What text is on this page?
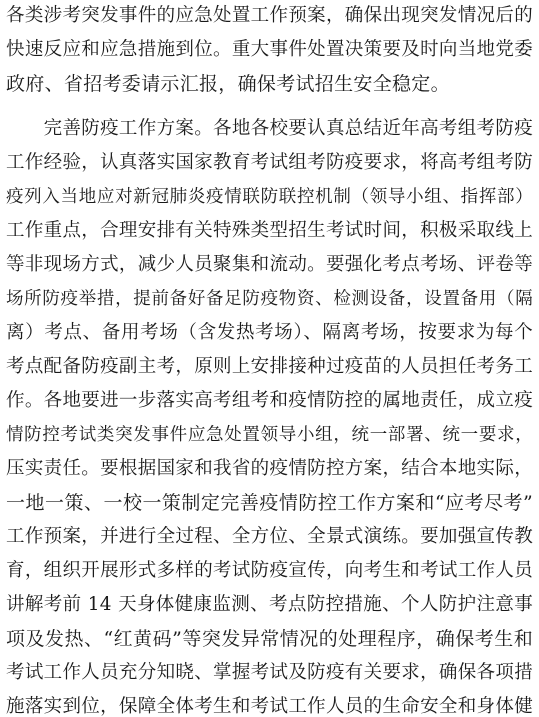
各类涉考突发事件的应急处置工作预案，确保出现突发情况后的
快速反应和应急措施到位。重大事件处置决策要及时向当地党委
政府、省招考委请示汇报，确保考试招生安全稳定。
　　完善防疫工作方案。各地各校要认真总结近年高考组考防疫
工作经验，认真落实国家教育考试组考防疫要求，将高考组考防
疫列入当地应对新冠肺炎疫情联防联控机制（领导小组、指挥部）
工作重点，合理安排有关特殊类型招生考试时间，积极采取线上
等非现场方式，减少人员聚集和流动。要强化考点考场、评卷等
场所防疫举措，提前备好备足防疫物资、检测设备，设置备用（隔
离）考点、备用考场（含发热考场）、隔离考场，按要求为每个
考点配备防疫副主考，原则上安排接种过疫苗的人员担任考务工
作。各地要进一步落实高考组考和疫情防控的属地责任，成立疫
情防控考试类突发事件应急处置领导小组，统一部署、统一要求，
压实责任。要根据国家和我省的疫情防控方案，结合本地实际，
一地一策、一校一策制定完善疫情防控工作方案和“应考尽考”
工作预案，并进行全过程、全方位、全景式演练。要加强宣传教
育，组织开展形式多样的考试防疫宣传，向考生和考试工作人员
讲解考前 14 天身体健康监测、考点防控措施、个人防护注意事
项及发热、“红黄码”等突发异常情况的处理程序，确保考生和
考试工作人员充分知晓、掌握考试及防疫有关要求，确保各项措
施落实到位，保障全体考生和考试工作人员的生命安全和身体健
